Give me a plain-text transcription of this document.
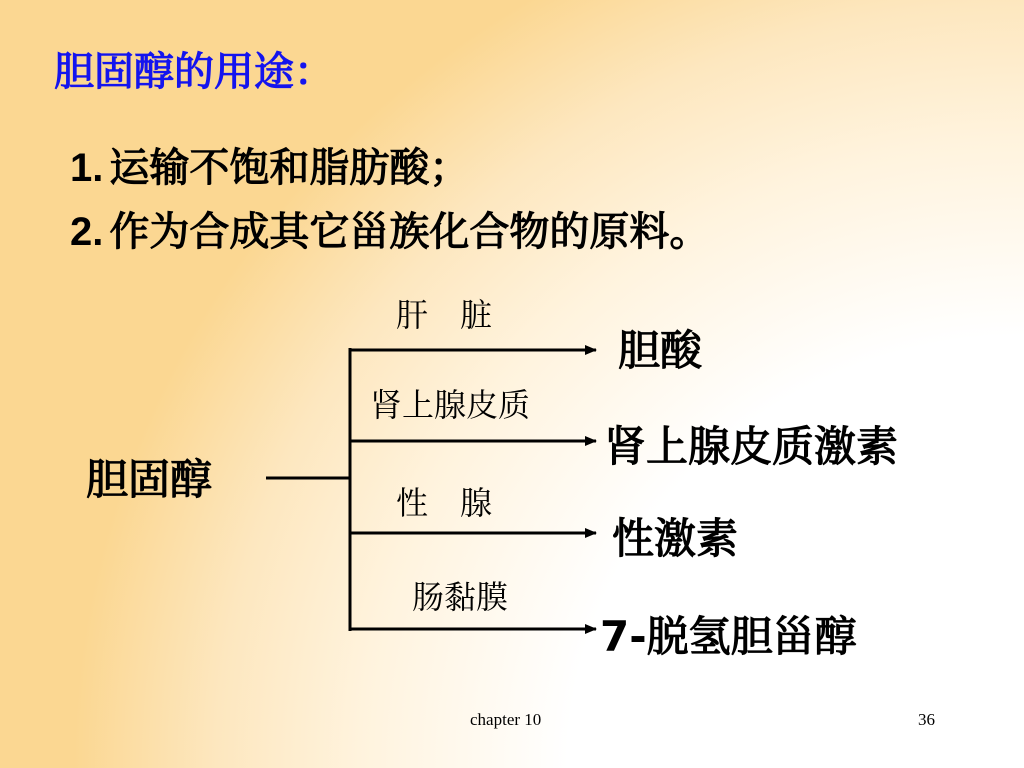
胆固醇的用途：
1. 运输不饱和脂肪酸；
2. 作为合成其它甾族化合物的原料。
胆固醇
肝　脏
肾上腺皮质
性　腺
肠黏膜
胆酸
肾上腺皮质激素
性激素
7-脱氢胆甾醇
chapter 10	36
